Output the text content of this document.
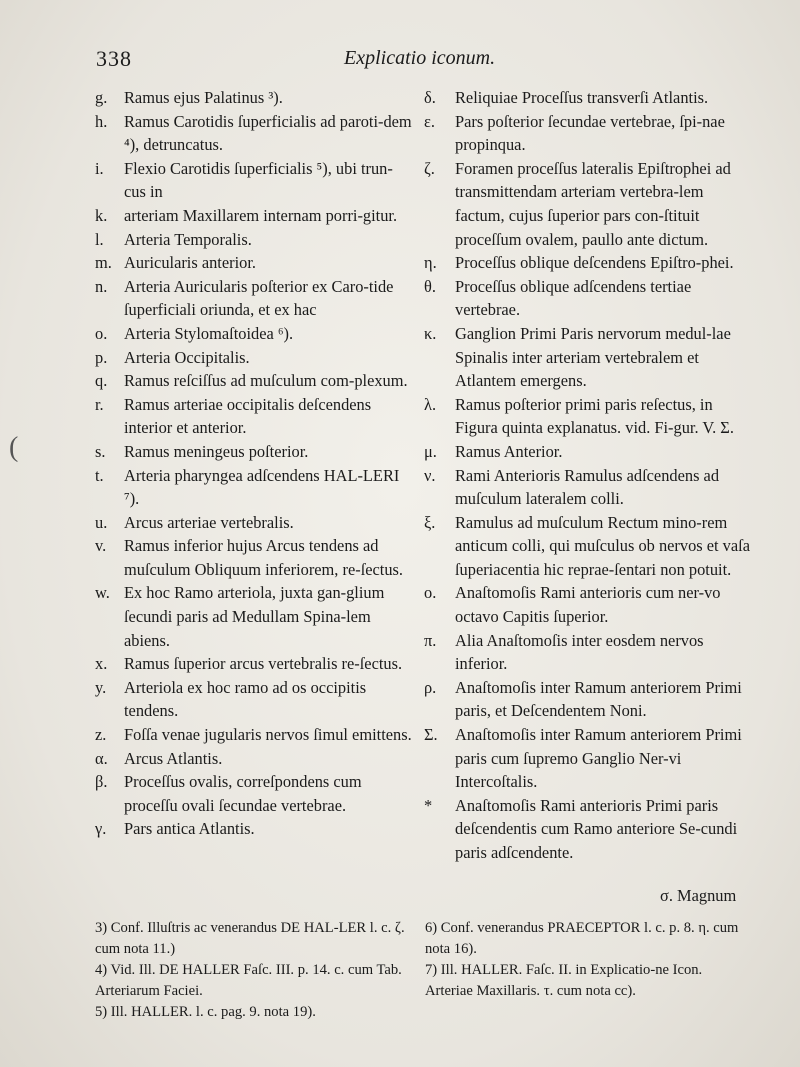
338	Explicatio iconum.
(
g.	Ramus ejus Palatinus ³).
h.	Ramus Carotidis ſuperficialis ad paroti-dem ⁴), detruncatus.
i.	Flexio Carotidis ſuperficialis ⁵), ubi trun-cus in
k.	arteriam Maxillarem internam porri-gitur.
l.	Arteria Temporalis.
m. Auricularis anterior.
n.	Arteria Auricularis poſterior ex Caro-tide ſuperficiali oriunda, et ex hac
o.	Arteria Stylomaſtoidea ⁶).
p.	Arteria Occipitalis.
q.	Ramus reſciſſus ad muſculum com-plexum.
r.	Ramus arteriae occipitalis deſcendens interior et anterior.
s.	Ramus meningeus poſterior.
t.	Arteria pharyngea adſcendens HAL-LERI ⁷).
u.	Arcus arteriae vertebralis.
v.	Ramus inferior hujus Arcus tendens ad muſculum Obliquum inferiorem, re-ſectus.
w. Ex hoc Ramo arteriola, juxta gan-glium ſecundi paris ad Medullam Spina-lem abiens.
x.	Ramus ſuperior arcus vertebralis re-ſectus.
y.	Arteriola ex hoc ramo ad os occipitis tendens.
z.	Foſſa venae jugularis nervos ſimul emittens.
α. Arcus Atlantis.
β.	Proceſſus ovalis, correſpondens cum proceſſu ovali ſecundae vertebrae.
γ.	Pars antica Atlantis.
δ.	Reliquiae Proceſſus transverſi Atlantis.
ε.	Pars poſterior ſecundae vertebrae, ſpi-nae propinqua.
ζ.	Foramen proceſſus lateralis Epiſtrophei ad transmittendam arteriam vertebra-lem factum, cujus ſuperior pars con-ſtituit proceſſum ovalem, paullo ante dictum.
η.	Proceſſus oblique deſcendens Epiſtro-phei.
θ.	Proceſſus oblique adſcendens tertiae vertebrae.
κ.	Ganglion Primi Paris nervorum medul-lae Spinalis inter arteriam vertebralem et Atlantem emergens.
λ.	Ramus poſterior primi paris reſectus, in Figura quinta explanatus. vid. Fi-gur. V. Σ.
μ.	Ramus Anterior.
ν.	Rami Anterioris Ramulus adſcendens ad muſculum lateralem colli.
ξ.	Ramulus ad muſculum Rectum mino-rem anticum colli, qui muſculus ob nervos et vaſa ſuperiacentia hic reprae-ſentari non potuit.
ο.	Anaſtomoſis Rami anterioris cum ner-vo octavo Capitis ſuperior.
π.	Alia Anaſtomoſis inter eosdem nervos inferior.
ρ.	Anaſtomoſis inter Ramum anteriorem Primi paris, et Deſcendentem Noni.
Σ.	Anaſtomoſis inter Ramum anteriorem Primi paris cum ſupremo Ganglio Ner-vi Intercoſtalis.
*	Anaſtomoſis Rami anterioris Primi paris deſcendentis cum Ramo anteriore Se-cundi paris adſcendente.
σ. Magnum
3) Conf. Illuſtris ac venerandus DE HAL-LER l. c. ζ. cum nota 11.)
4) Vid. Ill. DE HALLER Faſc. III. p. 14. c. cum Tab. Arteriarum Faciei.
5) Ill. HALLER. l. c. pag. 9. nota 19).
6) Conf. venerandus PRAECEPTOR l. c. p. 8. η. cum nota 16).
7) Ill. HALLER. Faſc. II. in Explicatio-ne Icon. Arteriae Maxillaris. τ. cum nota cc).
